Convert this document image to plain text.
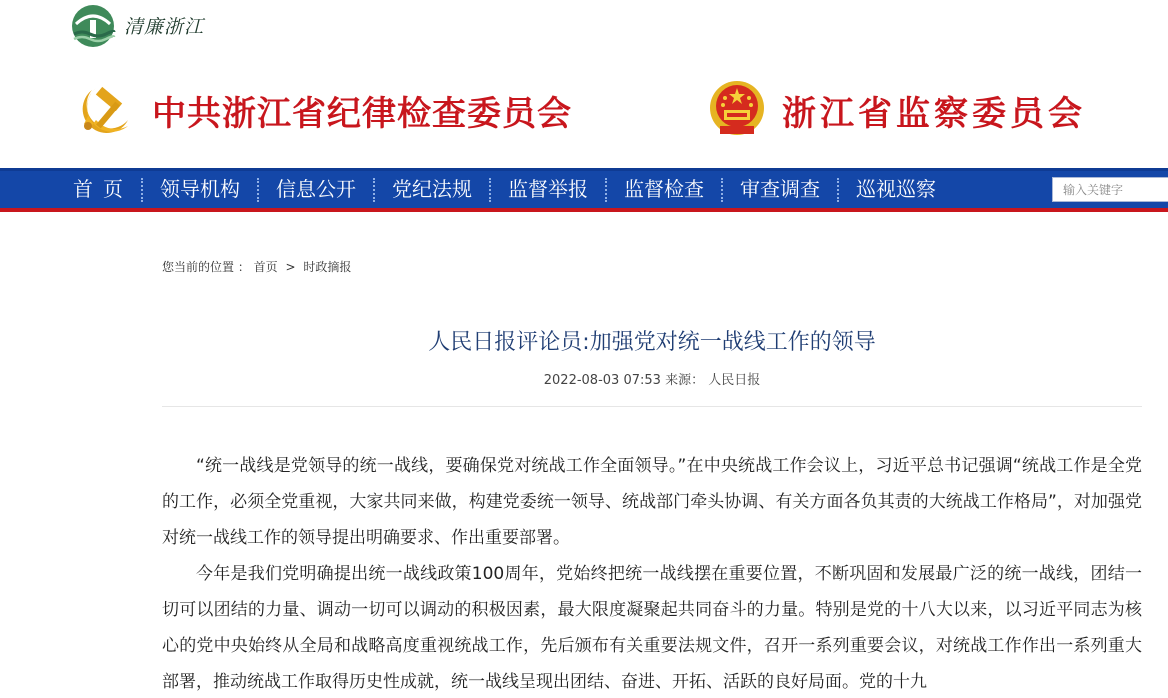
清廉浙江
中共浙江省纪律检查委员会	浙江省监察委员会
首页	领导机构	信息公开	党纪法规	监督举报	监督检查	审查调查	巡视巡察
输入关键字
您当前的位置 ： 首页 > 时政摘报
人民日报评论员:加强党对统一战线工作的领导
2022-08-03 07:53 来源： 人民日报

“统一战线是党领导的统一战线，要确保党对统战工作全面领导。”在中央统战工作会议上，习近平总书记强调“统战工作是全党的工作，必须全党重视，大家共同来做，构建党委统一领导、统战部门牵头协调、有关方面各负其责的大统战工作格局”，对加强党对统一战线工作的领导提出明确要求、作出重要部署。

今年是我们党明确提出统一战线政策100周年，党始终把统一战线摆在重要位置，不断巩固和发展最广泛的统一战线，团结一切可以团结的力量、调动一切可以调动的积极因素，最大限度凝聚起共同奋斗的力量。特别是党的十八大以来，以习近平同志为核心的党中央始终从全局和战略高度重视统战工作，先后颁布有关重要法规文件，召开一系列重要会议，对统战工作作出一系列重大部署，推动统战工作取得历史性成就，统一战线呈现出团结、奋进、开拓、活跃的良好局面。党的十九
